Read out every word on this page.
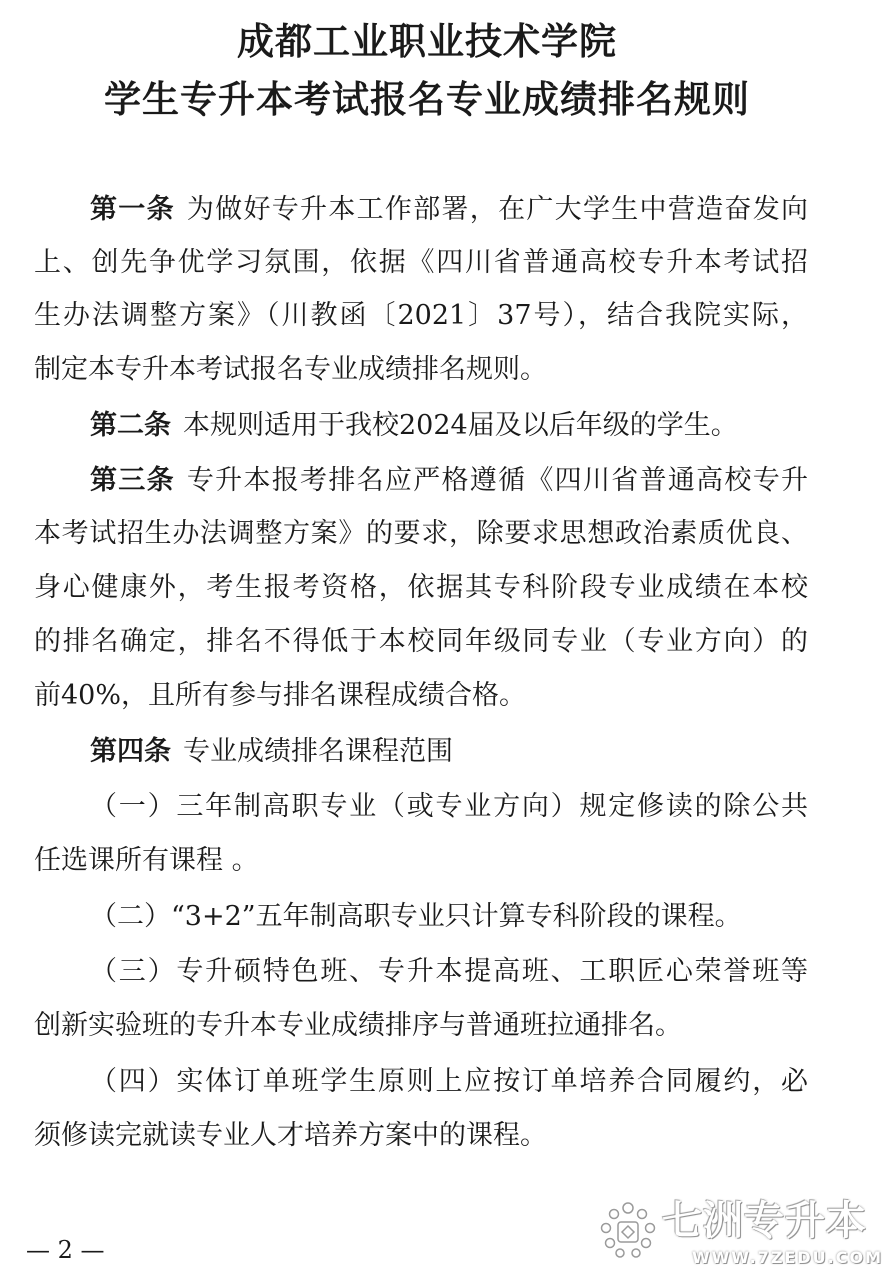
成都工业职业技术学院
学生专升本考试报名专业成绩排名规则
第一条 为做好专升本工作部署，在广大学生中营造奋发向
上、创先争优学习氛围，依据《四川省普通高校专升本考试招
生办法调整方案》（川教函〔2021〕37号），结合我院实际，
制定本专升本考试报名专业成绩排名规则。
第二条 本规则适用于我校2024届及以后年级的学生。
第三条 专升本报考排名应严格遵循《四川省普通高校专升
本考试招生办法调整方案》的要求，除要求思想政治素质优良、
身心健康外，考生报考资格，依据其专科阶段专业成绩在本校
的排名确定，排名不得低于本校同年级同专业（专业方向）的
前40%，且所有参与排名课程成绩合格。
第四条 专业成绩排名课程范围
（一）三年制高职专业（或专业方向）规定修读的除公共
任选课所有课程 。
（二）“3+2”五年制高职专业只计算专科阶段的课程。
（三）专升硕特色班、专升本提高班、工职匠心荣誉班等
创新实验班的专升本专业成绩排序与普通班拉通排名。
（四）实体订单班学生原则上应按订单培养合同履约，必
须修读完就读专业人才培养方案中的课程。
— 2 —
七洲专升本
WWW.7ZEDU.COM
